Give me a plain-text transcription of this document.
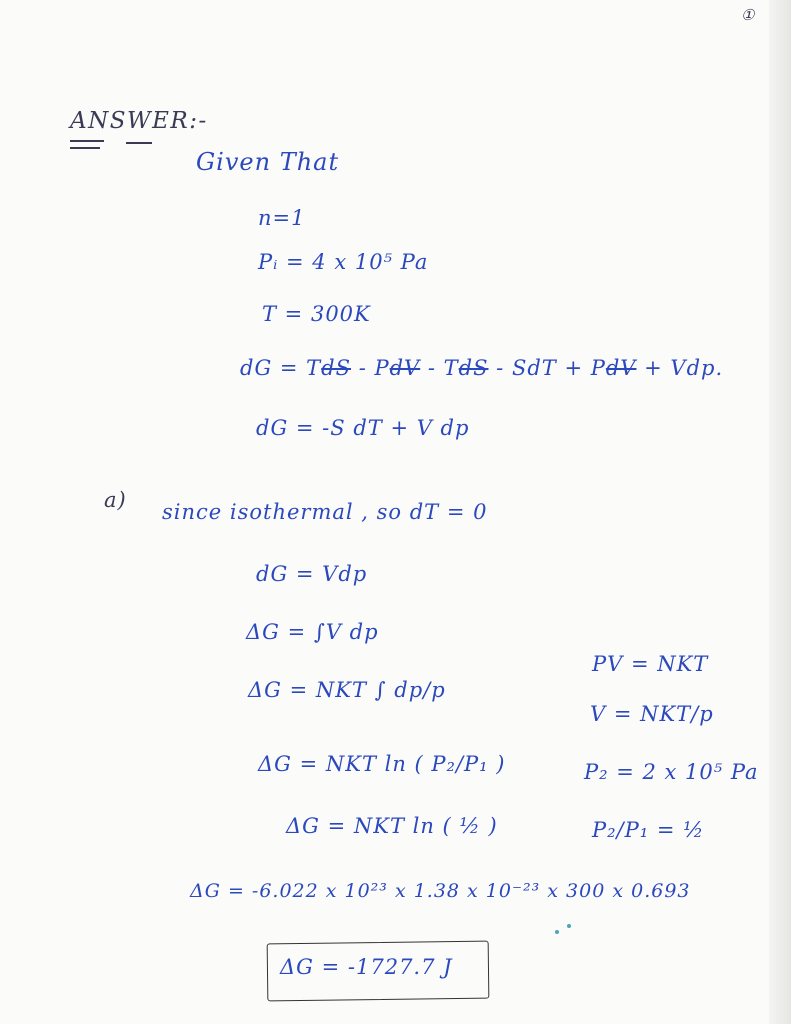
①
ANSWER:-
Given That
n=1
Pᵢ = 4 x 10⁵ Pa
T = 300K
dG = TdS - PdV - TdS - SdT + PdV + Vdp.
dG = -S dT + V dp
a) since isothermal , so dT = 0
dG = Vdp
ΔG = ∫V dp
ΔG = NKT ∫ dp/p
ΔG = NKT ln ( P₂/P₁ )
ΔG = NKT ln ( ½ )
PV = NKT
V = NKT/p
P₂ = 2 x 10⁵ Pa
P₂/P₁ = ½
ΔG = -6.022 x 10²³ x 1.38 x 10⁻²³ x 300 x 0.693
ΔG = -1727.7 J
